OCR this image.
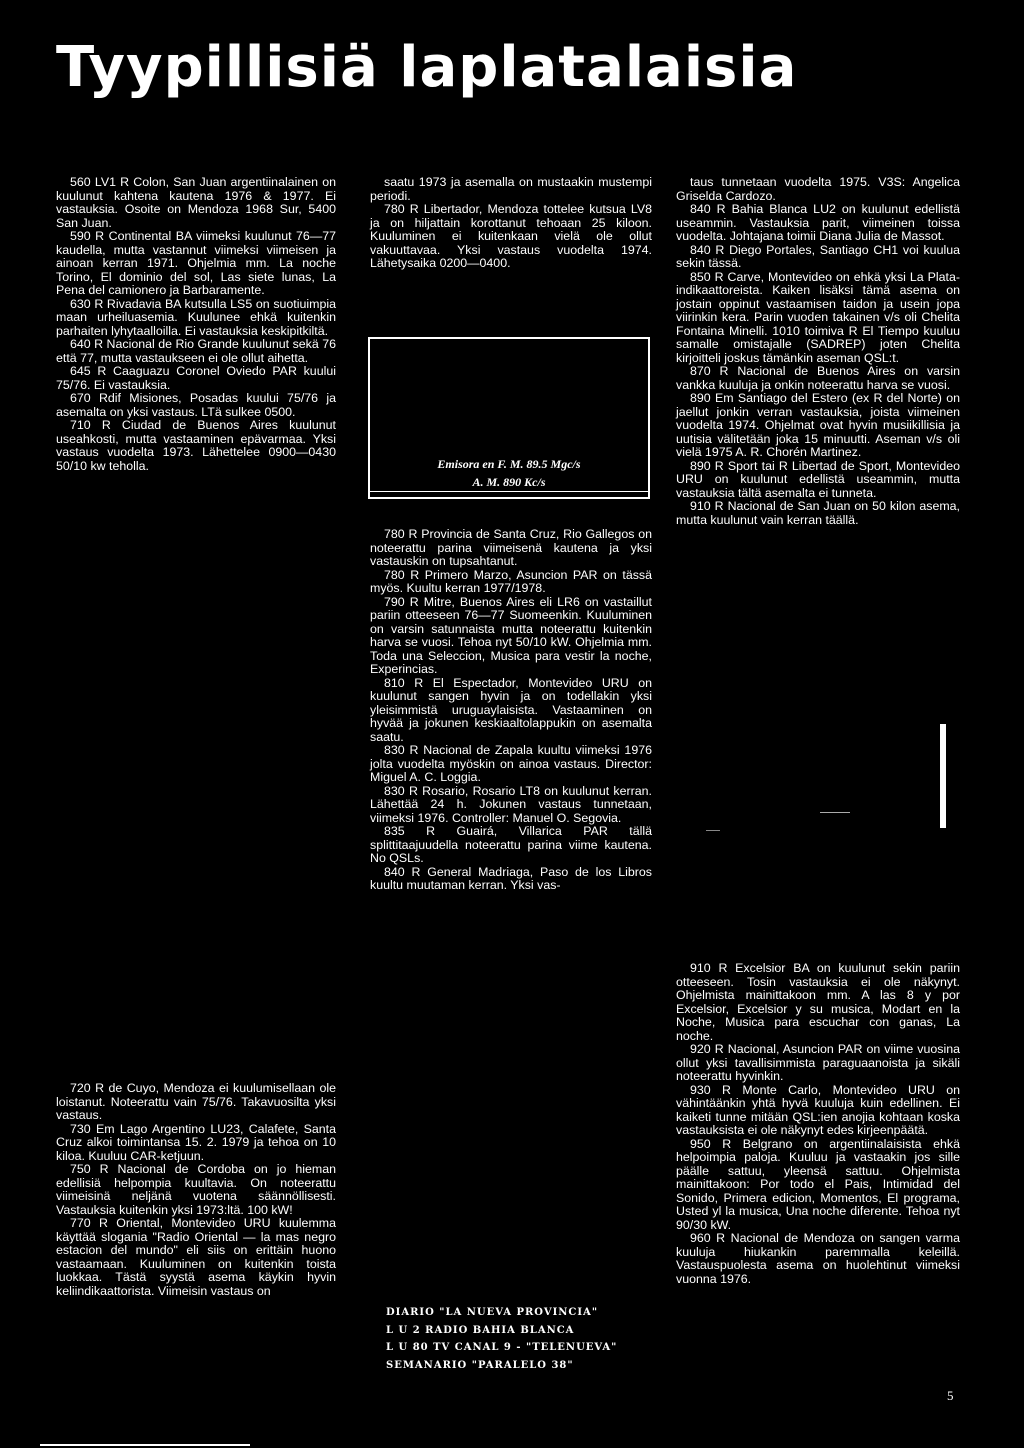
Tyypillisiä laplatalaisia

560 LV1 R Colon, San Juan argentiinalainen on kuulunut kahtena kautena 1976 & 1977. Ei vastauksia. Osoite on Mendoza 1968 Sur, 5400 San Juan.

590 R Continental BA viimeksi kuulunut 76—77 kaudella, mutta vastannut viimeksi viimeisen ja ainoan kerran 1971. Ohjelmia mm. La noche Torino, El dominio del sol, Las siete lunas, La Pena del camionero ja Barbaramente.

630 R Rivadavia BA kutsulla LS5 on suotiuimpia maan urheiluasemia. Kuulunee ehkä kuitenkin parhaiten lyhytaalloilla. Ei vastauksia keskipitkiltä.

640 R Nacional de Rio Grande kuulunut sekä 76 että 77, mutta vastaukseen ei ole ollut aihetta.

645 R Caaguazu Coronel Oviedo PAR kuului 75/76. Ei vastauksia.

670 Rdif Misiones, Posadas kuului 75/76 ja asemalta on yksi vastaus. LTä sulkee 0500.

710 R Ciudad de Buenos Aires kuulunut useahkosti, mutta vastaaminen epävarmaa. Yksi vastaus vuodelta 1973. Lähettelee 0900—0430 50/10 kw teholla.

720 R de Cuyo, Mendoza ei kuulumisellaan ole loistanut. Noteerattu vain 75/76. Takavuosilta yksi vastaus.

730 Em Lago Argentino LU23, Calafete, Santa Cruz alkoi toimintansa 15. 2. 1979 ja tehoa on 10 kiloa. Kuuluu CAR-ketjuun.

750 R Nacional de Cordoba on jo hieman edellisiä helpompia kuultavia. On noteerattu viimeisinä neljänä vuotena säännöllisesti. Vastauksia kuitenkin yksi 1973:ltä. 100 kW!

770 R Oriental, Montevideo URU kuulemma käyttää slogania "Radio Oriental — la mas negro estacion del mundo" eli siis on erittäin huono vastaamaan. Kuuluminen on kuitenkin toista luokkaa. Tästä syystä asema käykin hyvin keliindikaattorista. Viimeisin vastaus on

saatu 1973 ja asemalla on mustaakin mustempi periodi.

780 R Libertador, Mendoza tottelee kutsua LV8 ja on hiljattain korottanut tehoaan 25 kiloon. Kuuluminen ei kuitenkaan vielä ole ollut vakuuttavaa. Yksi vastaus vuodelta 1974. Lähetysaika 0200—0400.

Emisora en F. M. 89.5 Mgc/s
A. M. 890 Kc/s

780 R Provincia de Santa Cruz, Rio Gallegos on noteerattu parina viimeisenä kautena ja yksi vastauskin on tupsahtanut.

780 R Primero Marzo, Asuncion PAR on tässä myös. Kuultu kerran 1977/1978.

790 R Mitre, Buenos Aires eli LR6 on vastaillut pariin otteeseen 76—77 Suomeenkin. Kuuluminen on varsin satunnaista mutta noteerattu kuitenkin harva se vuosi. Tehoa nyt 50/10 kW. Ohjelmia mm. Toda una Seleccion, Musica para vestir la noche, Experincias.

810 R El Espectador, Montevideo URU on kuulunut sangen hyvin ja on todellakin yksi yleisimmistä uruguaylaisista. Vastaaminen on hyvää ja jokunen keskiaaltolappukin on asemalta saatu.

830 R Nacional de Zapala kuultu viimeksi 1976 jolta vuodelta myöskin on ainoa vastaus. Director: Miguel A. C. Loggia.

830 R Rosario, Rosario LT8 on kuulunut kerran. Lähettää 24 h. Jokunen vastaus tunnetaan, viimeksi 1976. Controller: Manuel O. Segovia.

835 R Guairá, Villarica PAR tällä splittitaajuudella noteerattu parina viime kautena. No QSLs.

840 R General Madriaga, Paso de los Libros kuultu muutaman kerran. Yksi vas-

taus tunnetaan vuodelta 1975. V3S: Angelica Griselda Cardozo.

840 R Bahia Blanca LU2 on kuulunut edellistä useammin. Vastauksia parit, viimeinen toissa vuodelta. Johtajana toimii Diana Julia de Massot.

840 R Diego Portales, Santiago CH1 voi kuulua sekin tässä.

850 R Carve, Montevideo on ehkä yksi La Plata-indikaattoreista. Kaiken lisäksi tämä asema on jostain oppinut vastaamisen taidon ja usein jopa viirinkin kera. Parin vuoden takainen v/s oli Chelita Fontaina Minelli. 1010 toimiva R El Tiempo kuuluu samalle omistajalle (SADREP) joten Chelita kirjoitteli joskus tämänkin aseman QSL:t.

870 R Nacional de Buenos Aires on varsin vankka kuuluja ja onkin noteerattu harva se vuosi.

890 Em Santiago del Estero (ex R del Norte) on jaellut jonkin verran vastauksia, joista viimeinen vuodelta 1974. Ohjelmat ovat hyvin musiikillisia ja uutisia välitetään joka 15 minuutti. Aseman v/s oli vielä 1975 A. R. Chorén Martinez.

890 R Sport tai R Libertad de Sport, Montevideo URU on kuulunut edellistä useammin, mutta vastauksia tältä asemalta ei tunneta.

910 R Nacional de San Juan on 50 kilon asema, mutta kuulunut vain kerran täällä.

910 R Excelsior BA on kuulunut sekin pariin otteeseen. Tosin vastauksia ei ole näkynyt. Ohjelmista mainittakoon mm. A las 8 y por Excelsior, Excelsior y su musica, Modart en la Noche, Musica para escuchar con ganas, La noche.

920 R Nacional, Asuncion PAR on viime vuosina ollut yksi tavallisimmista paraguaanoista ja sikäli noteerattu hyvinkin.

930 R Monte Carlo, Montevideo URU on vähintäänkin yhtä hyvä kuuluja kuin edellinen. Ei kaiketi tunne mitään QSL:ien anojia kohtaan koska vastauksista ei ole näkynyt edes kirjeenpäätä.

950 R Belgrano on argentiinalaisista ehkä helpoimpia paloja. Kuuluu ja vastaakin jos sille päälle sattuu, yleensä sattuu. Ohjelmista mainittakoon: Por todo el Pais, Intimidad del Sonido, Primera edicion, Momentos, El programa, Usted yl la musica, Una noche diferente. Tehoa nyt 90/30 kW.

960 R Nacional de Mendoza on sangen varma kuuluja hiukankin paremmalla keleillä. Vastauspuolesta asema on huolehtinut viimeksi vuonna 1976.

DIARIO "LA NUEVA PROVINCIA"
L U 2 RADIO BAHIA BLANCA
L U 80 TV CANAL 9 - "TELENUEVA"
SEMANARIO "PARALELO 38"
5
